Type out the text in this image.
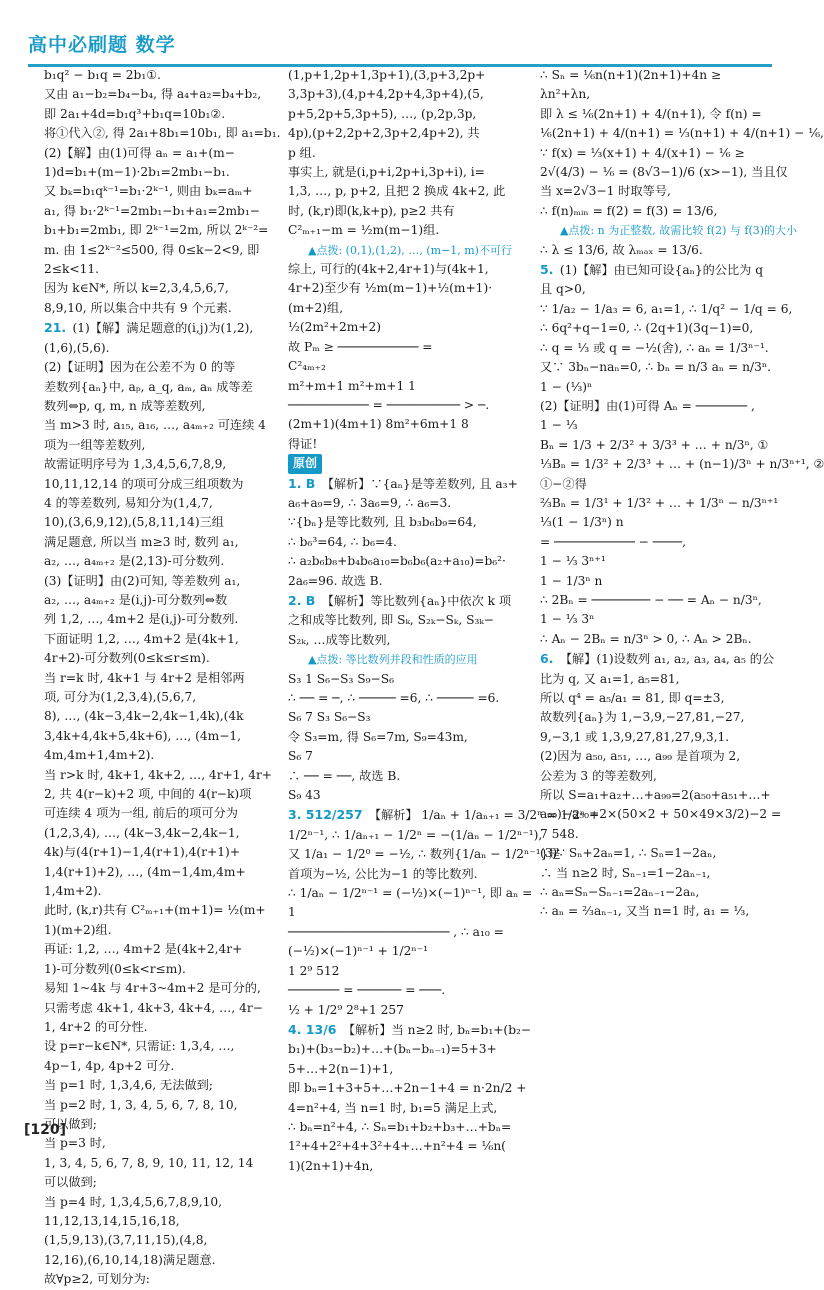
高中必刷题 数学
b₁q² − b₁q = 2b₁①.
又由 a₁−b₂=b₄−b₄, 得 a₄+a₂=b₄+b₂,
即 2a₁+4d=b₁q³+b₁q=10b₁②.
将①代入②, 得 2a₁+8b₁=10b₁, 即 a₁=b₁.
(2)【解】由(1)可得 aₙ = a₁+(m−
1)d=b₁+(m−1)·2b₁=2mb₁−b₁.
又 bₖ=b₁qᵏ⁻¹=b₁·2ᵏ⁻¹, 则由 bₖ=aₘ+
a₁, 得 b₁·2ᵏ⁻¹=2mb₁−b₁+a₁=2mb₁−
b₁+b₁=2mb₁, 即 2ᵏ⁻¹=2m, 所以 2ᵏ⁻²=
m. 由 1≤2ᵏ⁻²≤500, 得 0≤k−2<9, 即
2≤k<11.
因为 k∈N*, 所以 k=2,3,4,5,6,7,
8,9,10, 所以集合中共有 9 个元素.
21. (1)【解】满足题意的(i,j)为(1,2),
(1,6),(5,6).
(2)【证明】因为在公差不为 0 的等
差数列{aₙ}中, aₚ, a_q, aₘ, aₙ 成等差
数列⇔p, q, m, n 成等差数列,
当 m>3 时, a₁₅, a₁₆, …, a₄ₘ₊₂ 可连续 4
项为一组等差数列,
故需证明序号为 1,3,4,5,6,7,8,9,
10,11,12,14 的项可分成三组项数为
4 的等差数列, 易知分为(1,4,7,
10),(3,6,9,12),(5,8,11,14)三组
满足题意, 所以当 m≥3 时, 数列 a₁,
a₂, …, a₄ₘ₊₂ 是(2,13)-可分数列.
(3)【证明】由(2)可知, 等差数列 a₁,
a₂, …, a₄ₘ₊₂ 是(i,j)-可分数列⇔数
列 1,2, …, 4m+2 是(i,j)-可分数列.
下面证明 1,2, …, 4m+2 是(4k+1,
4r+2)-可分数列(0≤k≤r≤m).
当 r=k 时, 4k+1 与 4r+2 是相邻两
项, 可分为(1,2,3,4),(5,6,7,
8), …, (4k−3,4k−2,4k−1,4k),(4k
3,4k+4,4k+5,4k+6), …, (4m−1,
4m,4m+1,4m+2).
当 r>k 时, 4k+1, 4k+2, …, 4r+1, 4r+
2, 共 4(r−k)+2 项, 中间的 4(r−k)项
可连续 4 项为一组, 前后的项可分为
(1,2,3,4), …, (4k−3,4k−2,4k−1,
4k)与(4(r+1)−1,4(r+1),4(r+1)+
1,4(r+1)+2), …, (4m−1,4m,4m+
1,4m+2).
此时, (k,r)共有 C²ₘ₊₁+(m+1)= ½(m+
1)(m+2)组.
再证: 1,2, …, 4m+2 是(4k+2,4r+
1)-可分数列(0≤k<r≤m).
易知 1~4k 与 4r+3~4m+2 是可分的,
只需考虑 4k+1, 4k+3, 4k+4, …, 4r−
1, 4r+2 的可分性.
设 p=r−k∈N*, 只需证: 1,3,4, …,
4p−1, 4p, 4p+2 可分.
当 p=1 时, 1,3,4,6, 无法做到;
当 p=2 时, 1, 3, 4, 5, 6, 7, 8, 10,
可以做到;
当 p=3 时,
1, 3, 4, 5, 6, 7, 8, 9, 10, 11, 12, 14
可以做到;
当 p=4 时, 1,3,4,5,6,7,8,9,10,
11,12,13,14,15,16,18,
(1,5,9,13),(3,7,11,15),(4,8,
12,16),(6,10,14,18)满足题意.
故∀p≥2, 可划分为:
(1,p+1,2p+1,3p+1),(3,p+3,2p+
3,3p+3),(4,p+4,2p+4,3p+4),(5,
p+5,2p+5,3p+5), …, (p,2p,3p,
4p),(p+2,2p+2,3p+2,4p+2), 共
p 组.
事实上, 就是(i,p+i,2p+i,3p+i), i=
1,3, …, p, p+2, 且把 2 换成 4k+2, 此
时, (k,r)即(k,k+p), p≥2 共有
C²ₘ₊₁−m = ½m(m−1)组.
▲点拨: (0,1),(1,2), …, (m−1, m)不可行
综上, 可行的(4k+2,4r+1)与(4k+1,
4r+2)至少有 ½m(m−1)+½(m+1)·
(m+2)组,
½(2m²+2m+2)
故 Pₘ ≥ ─────────── =
C²₄ₘ₊₂
m²+m+1 m²+m+1 1
─────────── = ────────── > ─.
(2m+1)(4m+1) 8m²+6m+1 8
得证!
原创
1. B 【解析】∵{aₙ}是等差数列, 且 a₃+
a₆+a₉=9, ∴ 3a₆=9, ∴ a₆=3.
∵{bₙ}是等比数列, 且 b₃b₆b₉=64,
∴ b₆³=64, ∴ b₆=4.
∴ a₂b₆b₈+b₄b₆a₁₀=b₆b₆(a₂+a₁₀)=b₆²·
2a₆=96. 故选 B.
2. B 【解析】等比数列{aₙ}中依次 k 项
之和成等比数列, 即 Sₖ, S₂ₖ−Sₖ, S₃ₖ−
S₂ₖ, …成等比数列,
▲点拨: 等比数列并段和性质的应用
S₃ 1 S₆−S₃ S₉−S₆
∴ ── = ─, ∴ ───── =6, ∴ ───── =6.
S₆ 7 S₃ S₆−S₃
令 S₃=m, 得 S₆=7m, S₉=43m,
S₆ 7
∴ ── = ──, 故选 B.
S₉ 43
3. 512/257 【解析】 1/aₙ + 1/aₙ₊₁ = 3/2ⁿ = 1/2ⁿ +
1/2ⁿ⁻¹, ∴ 1/aₙ₊₁ − 1/2ⁿ = −(1/aₙ − 1/2ⁿ⁻¹),
又 1/a₁ − 1/2⁰ = −½, ∴ 数列{1/aₙ − 1/2ⁿ⁻¹}是
首项为−½, 公比为−1 的等比数列.
∴ 1/aₙ − 1/2ⁿ⁻¹ = (−½)×(−1)ⁿ⁻¹, 即 aₙ =
1
────────────────────── , ∴ a₁₀ =
(−½)×(−1)ⁿ⁻¹ + 1/2ⁿ⁻¹
1 2⁹ 512
─────── = ────── = ───.
½ + 1/2⁹ 2⁸+1 257
4. 13/6 【解析】当 n≥2 时, bₙ=b₁+(b₂−
b₁)+(b₃−b₂)+…+(bₙ−bₙ₋₁)=5+3+
5+…+2(n−1)+1,
即 bₙ=1+3+5+…+2n−1+4 = n·2n/2 +
4=n²+4, 当 n=1 时, b₁=5 满足上式,
∴ bₙ=n²+4, ∴ Sₙ=b₁+b₂+b₃+…+bₙ=
1²+4+2²+4+3²+4+…+n²+4 = ⅙n(
1)(2n+1)+4n,
∴ Sₙ = ⅙n(n+1)(2n+1)+4n ≥
λn²+λn,
即 λ ≤ ⅙(2n+1) + 4/(n+1), 令 f(n) =
⅙(2n+1) + 4/(n+1) = ⅓(n+1) + 4/(n+1) − ⅙,
∵ f(x) = ⅓(x+1) + 4/(x+1) − ⅙ ≥
2√(4/3) − ⅙ = (8√3−1)/6 (x>−1), 当且仅
当 x=2√3−1 时取等号,
∴ f(n)ₘᵢₙ = f(2) = f(3) = 13/6,
▲点拨: n 为正整数, 故需比较 f(2) 与 f(3)的大小
∴ λ ≤ 13/6, 故 λₘₐₓ = 13/6.
5. (1)【解】由已知可设{aₙ}的公比为 q
且 q>0,
∵ 1/a₂ − 1/a₃ = 6, a₁=1, ∴ 1/q² − 1/q = 6,
∴ 6q²+q−1=0, ∴ (2q+1)(3q−1)=0,
∴ q = ⅓ 或 q = −½(舍), ∴ aₙ = 1/3ⁿ⁻¹.
又∵ 3bₙ−naₙ=0, ∴ bₙ = n/3 aₙ = n/3ⁿ.
1 − (⅓)ⁿ
(2)【证明】由(1)可得 Aₙ = ─────── ,
1 − ⅓
Bₙ = 1/3 + 2/3² + 3/3³ + … + n/3ⁿ, ①
⅓Bₙ = 1/3² + 2/3³ + … + (n−1)/3ⁿ + n/3ⁿ⁺¹, ②
①−②得
⅔Bₙ = 1/3¹ + 1/3² + … + 1/3ⁿ − n/3ⁿ⁺¹
⅓(1 − 1/3ⁿ) n
= ─────────── − ────,
1 − ⅓ 3ⁿ⁺¹
1 − 1/3ⁿ n
∴ 2Bₙ = ──────── − ── = Aₙ − n/3ⁿ,
1 − ⅓ 3ⁿ
∴ Aₙ − 2Bₙ = n/3ⁿ > 0, ∴ Aₙ > 2Bₙ.
6. 【解】(1)设数列 a₁, a₂, a₃, a₄, a₅ 的公
比为 q, 又 a₁=1, a₅=81,
所以 q⁴ = a₅/a₁ = 81, 即 q=±3,
故数列{aₙ}为 1,−3,9,−27,81,−27,
9,−3,1 或 1,3,9,27,81,27,9,3,1.
(2)因为 a₅₀, a₅₁, …, a₉₉ 是首项为 2,
公差为 3 的等差数列,
所以 S=a₁+a₂+…+a₉₉=2(a₅₀+a₅₁+…+
a₉₉)−a₅₀=2×(50×2 + 50×49×3/2)−2 =
7 548.
(3)∵ Sₙ+2aₙ=1, ∴ Sₙ=1−2aₙ,
∴ 当 n≥2 时, Sₙ₋₁=1−2aₙ₋₁,
∴ aₙ=Sₙ−Sₙ₋₁=2aₙ₋₁−2aₙ,
∴ aₙ = ⅔aₙ₋₁, 又当 n=1 时, a₁ = ⅓,
[120]
